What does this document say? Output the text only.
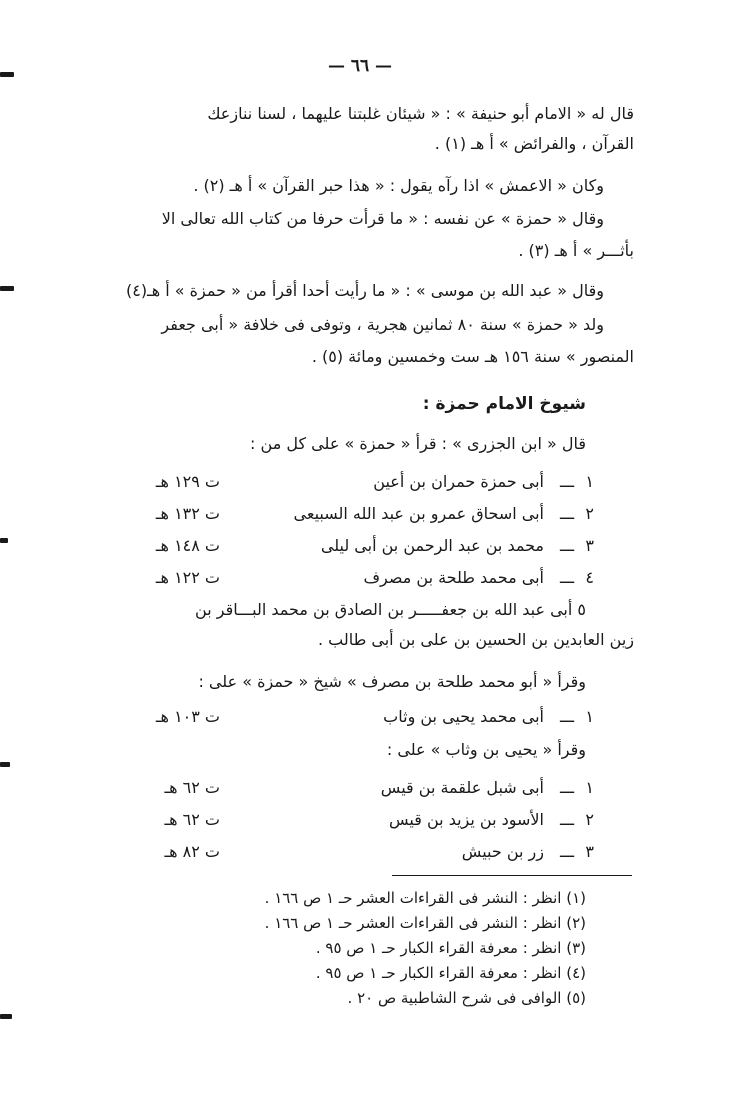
— ٦٦ —
قال له « الامام أبو حنيفة » : « شيئان غلبتنا عليهما ، لسنا ننازعك
القرآن ، والفرائض » أ هـ (١) .
وكان « الاعمش » اذا رآه يقول : « هذا حبر القرآن » أ هـ (٢) .
وقال « حمزة » عن نفسه : « ما قرأت حرفا من كتاب الله تعالى الا
بأثـــر » أ هـ (٣) .
وقال « عبد الله بن موسى » : « ما رأيت أحدا أقرأ من « حمزة » أ هـ(٤)
ولد « حمزة » سنة ٨٠ ثمانين هجرية ، وتوفى فى خلافة « أبى جعفر
المنصور » سنة ١٥٦ هـ ست وخمسين ومائة (٥) .
شيوخ الامام حمزة :
قال « ابن الجزرى » : قرأ « حمزة » على كل من :
١
ـــ
أبى حمزة حمران بن أعين
ت ١٢٩ هـ
٢
ـــ
أبى اسحاق عمرو بن عبد الله السبيعى
ت ١٣٢ هـ
٣
ـــ
محمد بن عبد الرحمن بن أبى ليلى
ت ١٤٨ هـ
٤
ـــ
أبى محمد طلحة بن مصرف
ت ١٢٢ هـ
٥ أبى عبد الله بن جعفـــــر بن الصادق بن محمد البـــاقر بن
زين العابدين بن الحسين بن على بن أبى طالب .
وقرأ « أبو محمد طلحة بن مصرف » شيخ « حمزة » على :
١
ـــ
أبى محمد يحيى بن وثاب
ت ١٠٣ هـ
وقرأ « يحيى بن وثاب » على :
١
ـــ
أبى شبل علقمة بن قيس
ت ٦٢ هـ
٢
ـــ
الأسود بن يزيد بن قيس
ت ٦٢ هـ
٣
ـــ
زر بن حبيش
ت ٨٢ هـ
(١) انظر : النشر فى القراءات العشر حـ ١ ص ١٦٦ .
(٢) انظر : النشر فى القراءات العشر حـ ١ ص ١٦٦ .
(٣) انظر : معرفة القراء الكبار حـ ١ ص ٩٥ .
(٤) انظر : معرفة القراء الكبار حـ ١ ص ٩٥ .
(٥) الوافى فى شرح الشاطبية ص ٢٠ .
